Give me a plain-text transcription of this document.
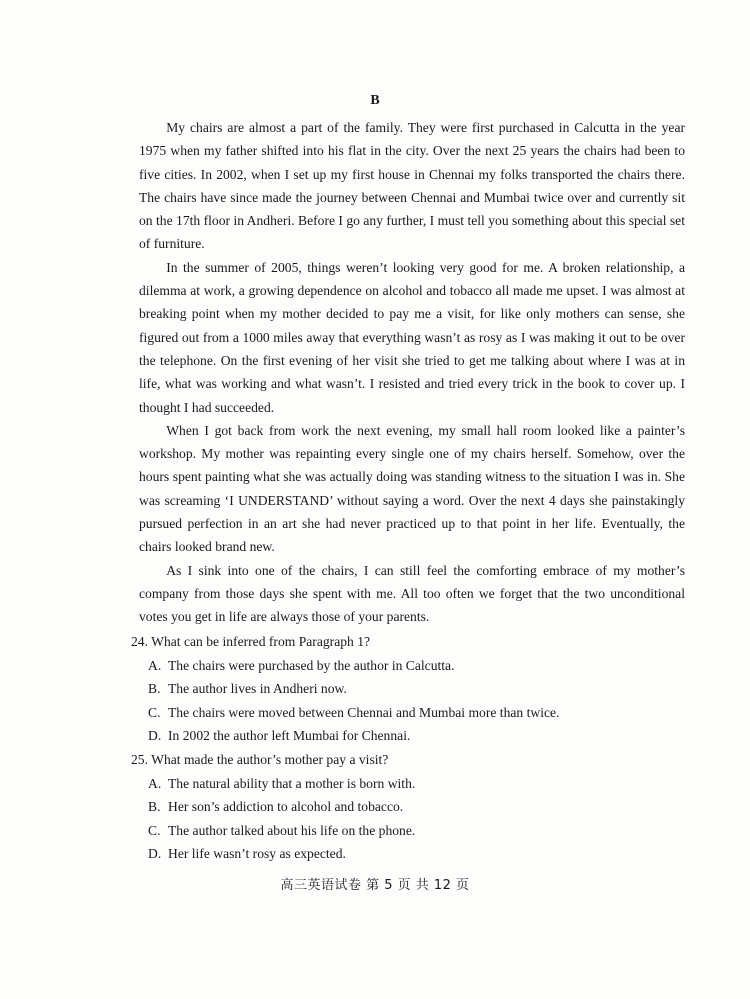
B

My chairs are almost a part of the family. They were first purchased in Calcutta in the year 1975 when my father shifted into his flat in the city. Over the next 25 years the chairs had been to five cities. In 2002, when I set up my first house in Chennai my folks transported the chairs there. The chairs have since made the journey between Chennai and Mumbai twice over and currently sit on the 17th floor in Andheri. Before I go any further, I must tell you something about this special set of furniture.

In the summer of 2005, things weren’t looking very good for me. A broken relationship, a dilemma at work, a growing dependence on alcohol and tobacco all made me upset. I was almost at breaking point when my mother decided to pay me a visit, for like only mothers can sense, she figured out from a 1000 miles away that everything wasn’t as rosy as I was making it out to be over the telephone. On the first evening of her visit she tried to get me talking about where I was at in life, what was working and what wasn’t. I resisted and tried every trick in the book to cover up. I thought I had succeeded.

When I got back from work the next evening, my small hall room looked like a painter’s workshop. My mother was repainting every single one of my chairs herself. Somehow, over the hours spent painting what she was actually doing was standing witness to the situation I was in. She was screaming ‘I UNDERSTAND’ without saying a word. Over the next 4 days she painstakingly pursued perfection in an art she had never practiced up to that point in her life. Eventually, the chairs looked brand new.

As I sink into one of the chairs, I can still feel the comforting embrace of my mother’s company from those days she spent with me. All too often we forget that the two unconditional votes you get in life are always those of your parents.

24. What can be inferred from Paragraph 1?

A. The chairs were purchased by the author in Calcutta.

B. The author lives in Andheri now.

C. The chairs were moved between Chennai and Mumbai more than twice.

D. In 2002 the author left Mumbai for Chennai.

25. What made the author’s mother pay a visit?

A. The natural ability that a mother is born with.

B. Her son’s addiction to alcohol and tobacco.

C. The author talked about his life on the phone.

D. Her life wasn’t rosy as expected.

高三英语试卷 第 5 页 共 12 页
